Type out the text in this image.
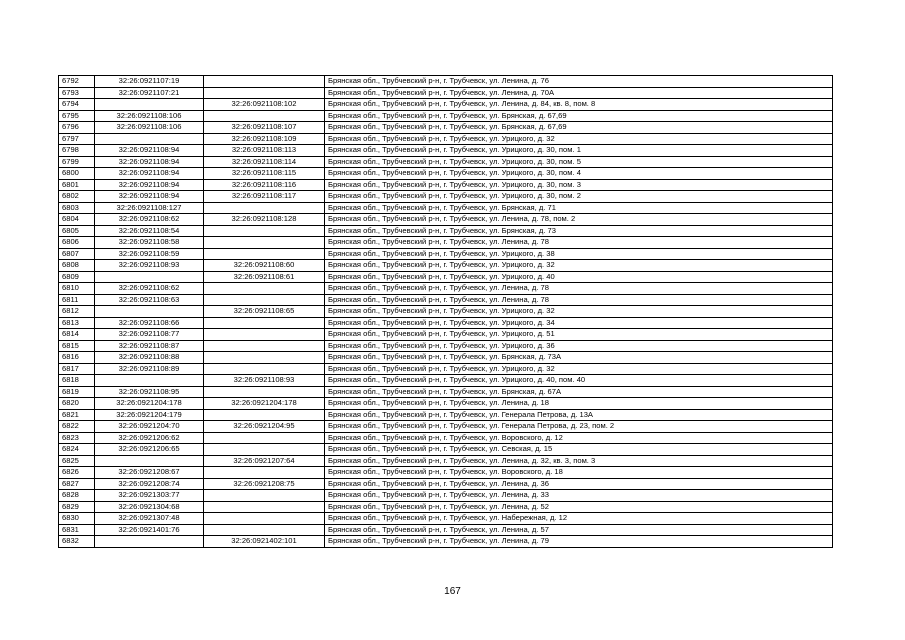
6792	32:26:0921107:19		Брянская обл., Трубчевский р-н, г. Трубчевск, ул. Ленина, д. 76
6793	32:26:0921107:21		Брянская обл., Трубчевский р-н, г. Трубчевск, ул. Ленина, д. 70А
6794		32:26:0921108:102	Брянская обл., Трубчевский р-н, г. Трубчевск, ул. Ленина, д. 84, кв. 8, пом. 8
6795	32:26:0921108:106		Брянская обл., Трубчевский р-н, г. Трубчевск, ул. Брянская, д. 67,69
6796	32:26:0921108:106	32:26:0921108:107	Брянская обл., Трубчевский р-н, г. Трубчевск, ул. Брянская, д. 67,69
6797		32:26:0921108:109	Брянская обл., Трубчевский р-н, г. Трубчевск, ул. Урицкого, д. 32
6798	32:26:0921108:94	32:26:0921108:113	Брянская обл., Трубчевский р-н, г. Трубчевск, ул. Урицкого, д. 30, пом. 1
6799	32:26:0921108:94	32:26:0921108:114	Брянская обл., Трубчевский р-н, г. Трубчевск, ул. Урицкого, д. 30, пом. 5
6800	32:26:0921108:94	32:26:0921108:115	Брянская обл., Трубчевский р-н, г. Трубчевск, ул. Урицкого, д. 30, пом. 4
6801	32:26:0921108:94	32:26:0921108:116	Брянская обл., Трубчевский р-н, г. Трубчевск, ул. Урицкого, д. 30, пом. 3
6802	32:26:0921108:94	32:26:0921108:117	Брянская обл., Трубчевский р-н, г. Трубчевск, ул. Урицкого, д. 30, пом. 2
6803	32:26:0921108:127		Брянская обл., Трубчевский р-н, г. Трубчевск, ул. Брянская, д. 71
6804	32:26:0921108:62	32:26:0921108:128	Брянская обл., Трубчевский р-н, г. Трубчевск, ул. Ленина, д. 78, пом. 2
6805	32:26:0921108:54		Брянская обл., Трубчевский р-н, г. Трубчевск, ул. Брянская, д. 73
6806	32:26:0921108:58		Брянская обл., Трубчевский р-н, г. Трубчевск, ул. Ленина, д. 78
6807	32:26:0921108:59		Брянская обл., Трубчевский р-н, г. Трубчевск, ул. Урицкого, д. 38
6808	32:26:0921108:93	32:26:0921108:60	Брянская обл., Трубчевский р-н, г. Трубчевск, ул. Урицкого, д. 32
6809		32:26:0921108:61	Брянская обл., Трубчевский р-н, г. Трубчевск, ул. Урицкого, д. 40
6810	32:26:0921108:62		Брянская обл., Трубчевский р-н, г. Трубчевск, ул. Ленина, д. 78
6811	32:26:0921108:63		Брянская обл., Трубчевский р-н, г. Трубчевск, ул. Ленина, д. 78
6812		32:26:0921108:65	Брянская обл., Трубчевский р-н, г. Трубчевск, ул. Урицкого, д. 32
6813	32:26:0921108:66		Брянская обл., Трубчевский р-н, г. Трубчевск, ул. Урицкого, д. 34
6814	32:26:0921108:77		Брянская обл., Трубчевский р-н, г. Трубчевск, ул. Урицкого, д. 51
6815	32:26:0921108:87		Брянская обл., Трубчевский р-н, г. Трубчевск, ул. Урицкого, д. 36
6816	32:26:0921108:88		Брянская обл., Трубчевский р-н, г. Трубчевск, ул. Брянская, д. 73А
6817	32:26:0921108:89		Брянская обл., Трубчевский р-н, г. Трубчевск, ул. Урицкого, д. 32
6818		32:26:0921108:93	Брянская обл., Трубчевский р-н, г. Трубчевск, ул. Урицкого, д. 40, пом. 40
6819	32:26:0921108:95		Брянская обл., Трубчевский р-н, г. Трубчевск, ул. Брянская, д. 67А
6820	32:26:0921204:178	32:26:0921204:178	Брянская обл., Трубчевский р-н, г. Трубчевск, ул. Ленина, д. 18
6821	32:26:0921204:179		Брянская обл., Трубчевский р-н, г. Трубчевск, ул. Генерала Петрова, д. 13А
6822	32:26:0921204:70	32:26:0921204:95	Брянская обл., Трубчевский р-н, г. Трубчевск, ул. Генерала Петрова, д. 23, пом. 2
6823	32:26:0921206:62		Брянская обл., Трубчевский р-н, г. Трубчевск, ул. Воровского, д. 12
6824	32:26:0921206:65		Брянская обл., Трубчевский р-н, г. Трубчевск, ул. Севская, д. 15
6825		32:26:0921207:64	Брянская обл., Трубчевский р-н, г. Трубчевск, ул. Ленина, д. 32, кв. 3, пом. 3
6826	32:26:0921208:67		Брянская обл., Трубчевский р-н, г. Трубчевск, ул. Воровского, д. 18
6827	32:26:0921208:74	32:26:0921208:75	Брянская обл., Трубчевский р-н, г. Трубчевск, ул. Ленина, д. 36
6828	32:26:0921303:77		Брянская обл., Трубчевский р-н, г. Трубчевск, ул. Ленина, д. 33
6829	32:26:0921304:68		Брянская обл., Трубчевский р-н, г. Трубчевск, ул. Ленина, д. 52
6830	32:26:0921307:48		Брянская обл., Трубчевский р-н, г. Трубчевск, ул. Набережная, д. 12
6831	32:26:0921401:76		Брянская обл., Трубчевский р-н, г. Трубчевск, ул. Ленина, д. 57
6832		32:26:0921402:101	Брянская обл., Трубчевский р-н, г. Трубчевск, ул. Ленина, д. 79
167
